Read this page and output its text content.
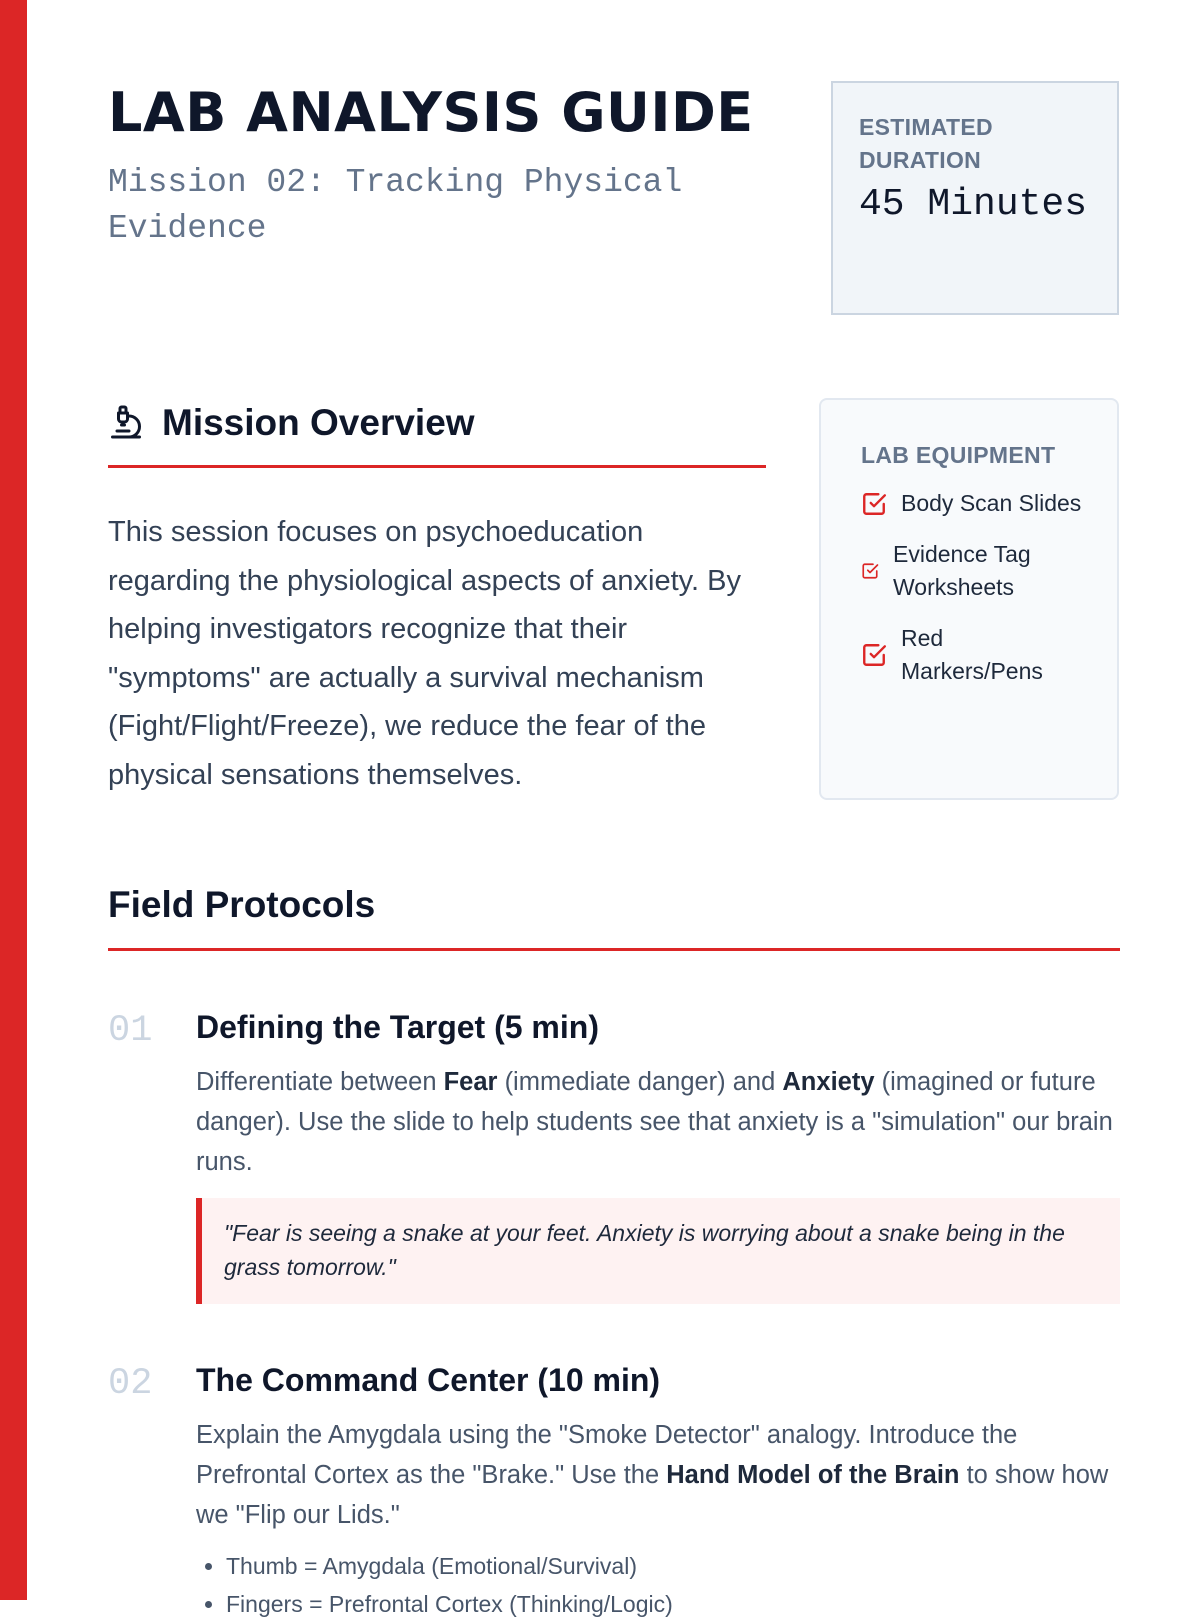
LAB ANALYSIS GUIDE

Mission 02: Tracking Physical Evidence

ESTIMATED DURATION
45 Minutes
Mission Overview

This session focuses on psychoeducation regarding the physiological aspects of anxiety. By helping investigators recognize that their "symptoms" are actually a survival mechanism (Fight/Flight/Freeze), we reduce the fear of the physical sensations themselves.

LAB EQUIPMENT
Body Scan Slides
Evidence Tag Worksheets
Red Markers/Pens
Field Protocols
01 Defining the Target (5 min)

Differentiate between Fear (immediate danger) and Anxiety (imagined or future danger). Use the slide to help students see that anxiety is a "simulation" our brain runs.

"Fear is seeing a snake at your feet. Anxiety is worrying about a snake being in the grass tomorrow."
02 The Command Center (10 min)

Explain the Amygdala using the "Smoke Detector" analogy. Introduce the Prefrontal Cortex as the "Brake." Use the Hand Model of the Brain to show how we "Flip our Lids."

• Thumb = Amygdala (Emotional/Survival)
• Fingers = Prefrontal Cortex (Thinking/Logic)
